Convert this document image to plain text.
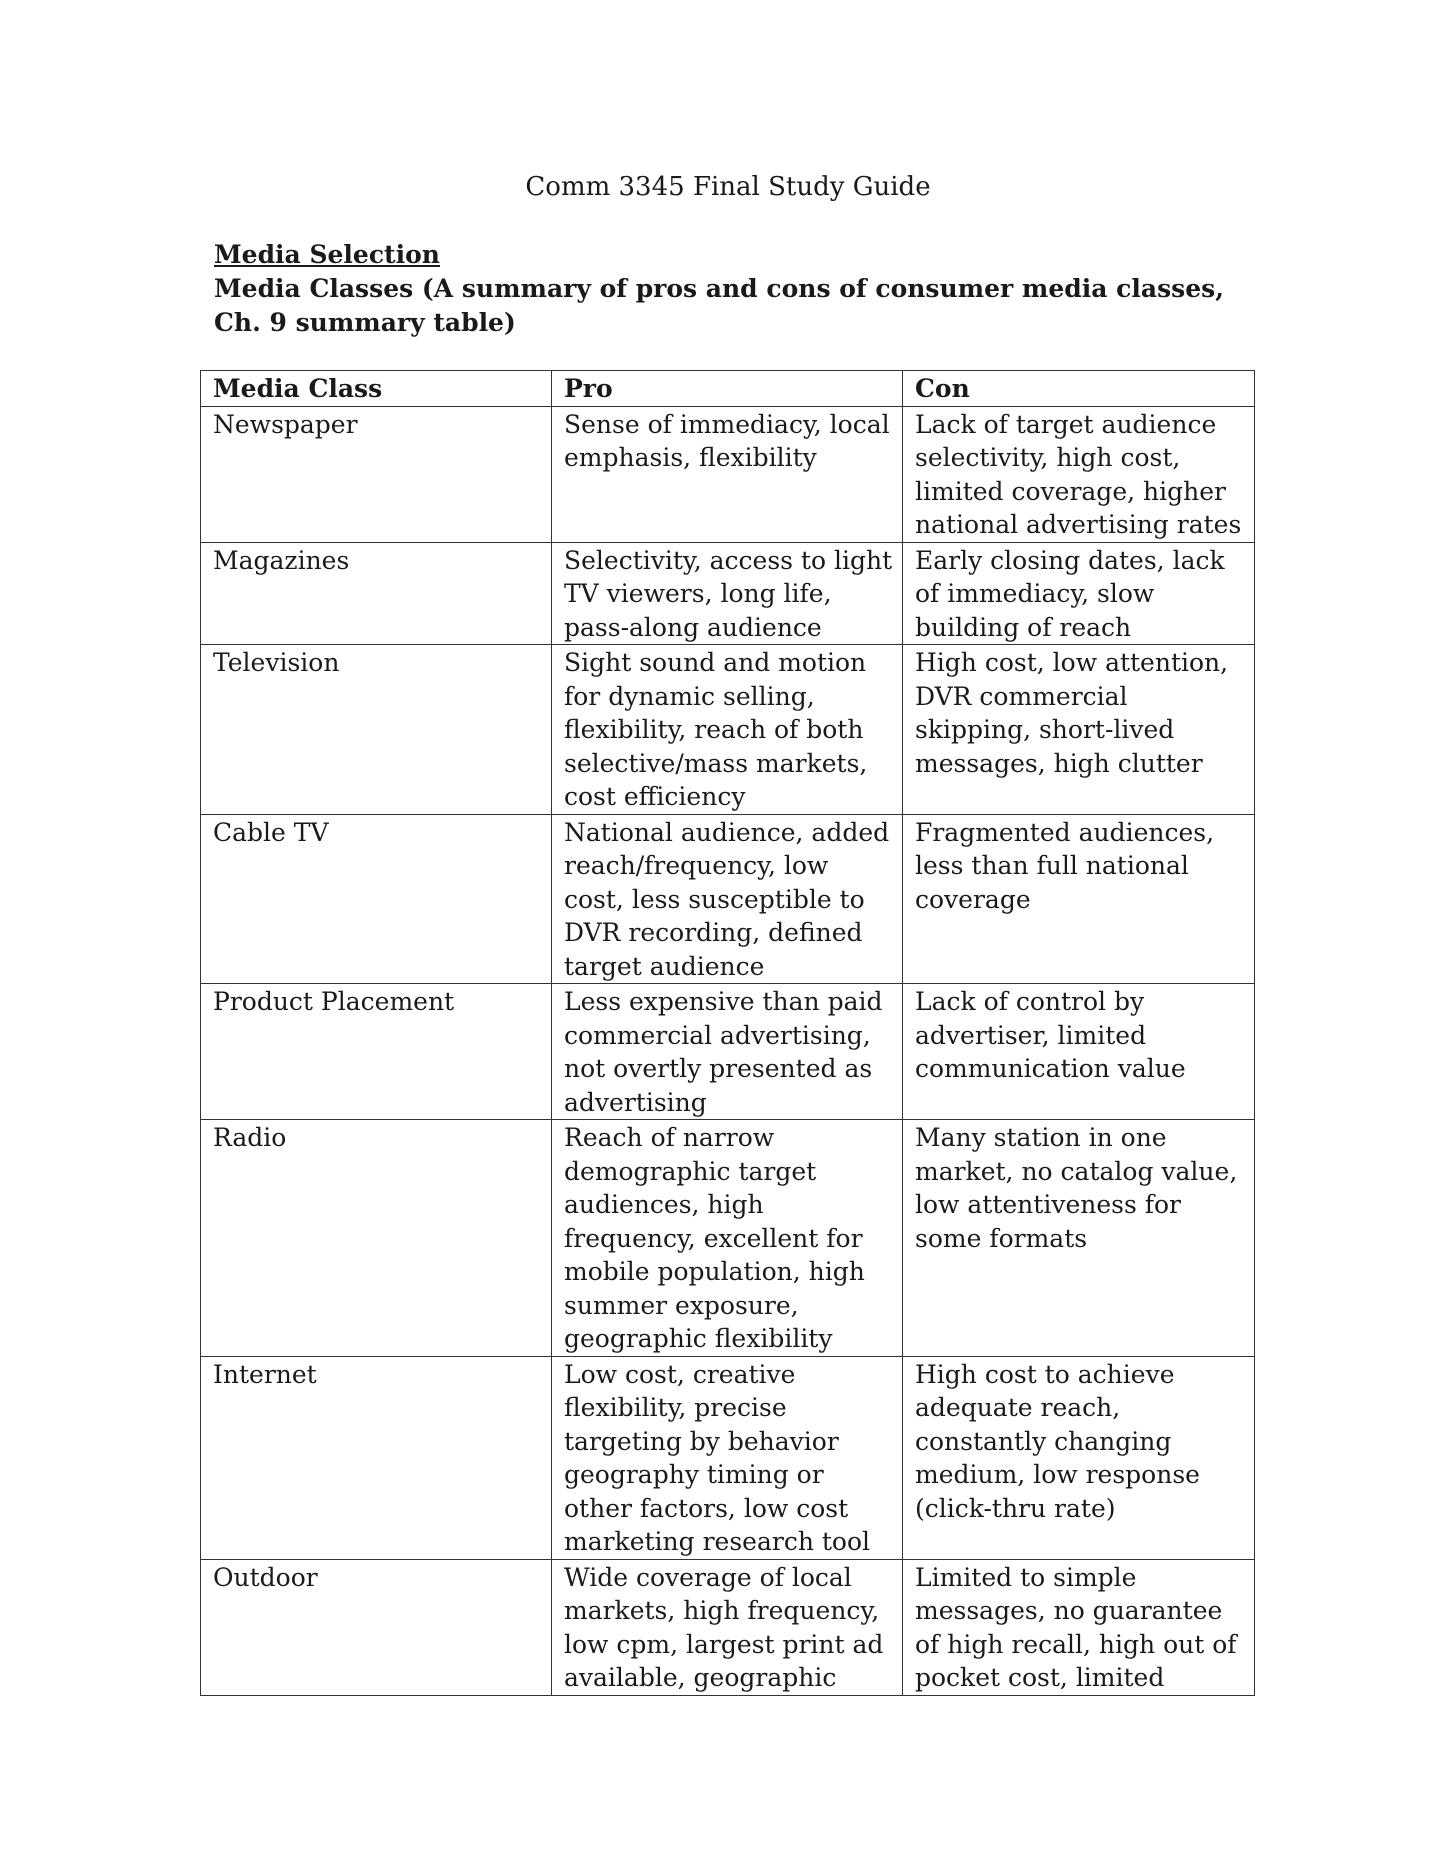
Comm 3345 Final Study Guide
Media Selection
Media Classes (A summary of pros and cons of consumer media classes, Ch. 9 summary table)
Media Class	Pro	Con
Newspaper	Sense of immediacy, local emphasis, flexibility	Lack of target audience selectivity, high cost, limited coverage, higher national advertising rates
Magazines	Selectivity, access to light TV viewers, long life, pass-along audience	Early closing dates, lack of immediacy, slow building of reach
Television	Sight sound and motion for dynamic selling, flexibility, reach of both selective/mass markets, cost efficiency	High cost, low attention, DVR commercial skipping, short-lived messages, high clutter
Cable TV	National audience, added reach/frequency, low cost, less susceptible to DVR recording, defined target audience	Fragmented audiences, less than full national coverage
Product Placement	Less expensive than paid commercial advertising, not overtly presented as advertising	Lack of control by advertiser, limited communication value
Radio	Reach of narrow demographic target audiences, high frequency, excellent for mobile population, high summer exposure, geographic flexibility	Many station in one market, no catalog value, low attentiveness for some formats
Internet	Low cost, creative flexibility, precise targeting by behavior geography timing or other factors, low cost marketing research tool	High cost to achieve adequate reach, constantly changing medium, low response (click-thru rate)
Outdoor	Wide coverage of local markets, high frequency, low cpm, largest print ad available, geographic	Limited to simple messages, no guarantee of high recall, high out of pocket cost, limited
